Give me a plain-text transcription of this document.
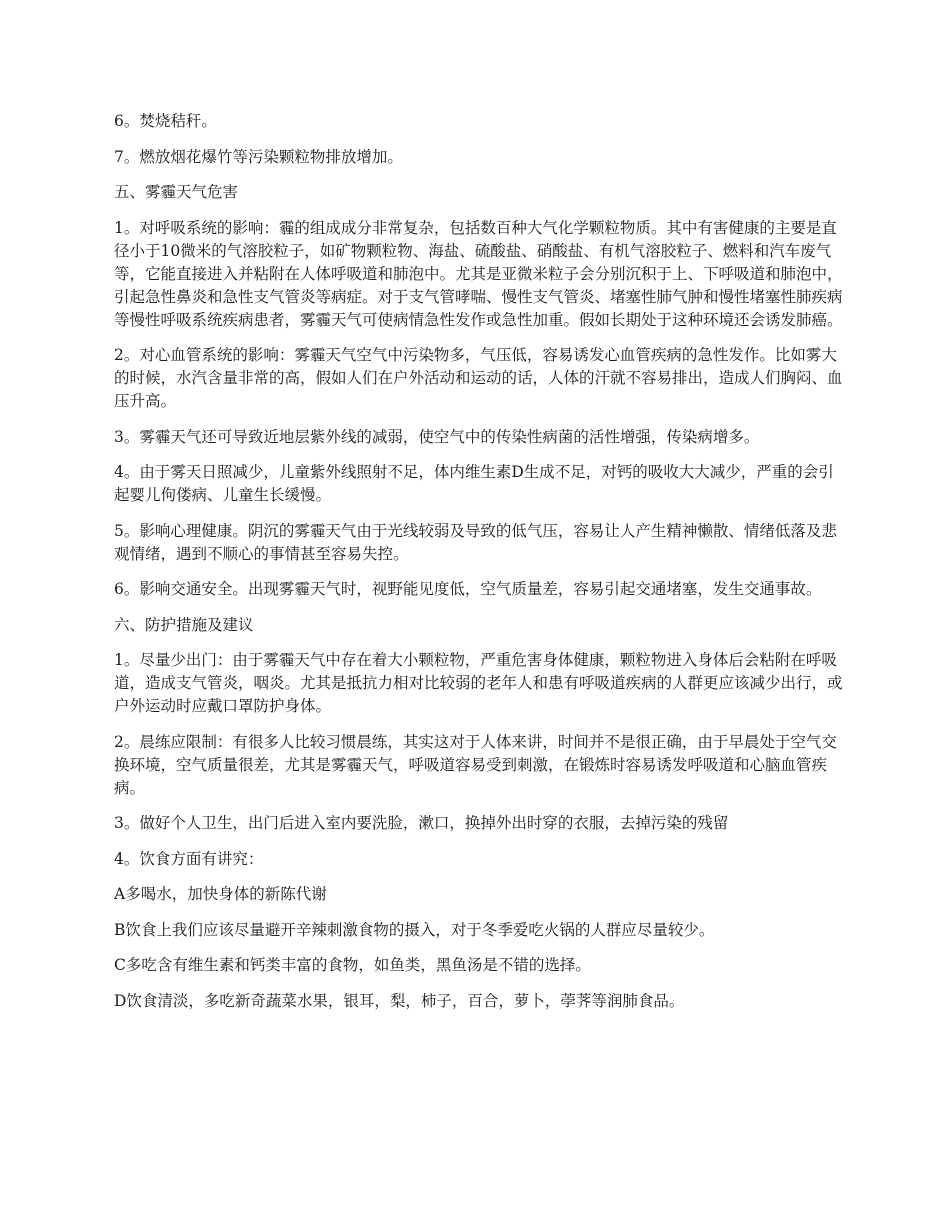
6。焚烧秸秆。

7。燃放烟花爆竹等污染颗粒物排放增加。

五、雾霾天气危害

1。对呼吸系统的影响：霾的组成成分非常复杂，包括数百种大气化学颗粒物质。其中有害健康的主要是直径小于10微米的气溶胶粒子，如矿物颗粒物、海盐、硫酸盐、硝酸盐、有机气溶胶粒子、燃料和汽车废气等，它能直接进入并粘附在人体呼吸道和肺泡中。尤其是亚微米粒子会分别沉积于上、下呼吸道和肺泡中，引起急性鼻炎和急性支气管炎等病症。对于支气管哮喘、慢性支气管炎、堵塞性肺气肿和慢性堵塞性肺疾病等慢性呼吸系统疾病患者，雾霾天气可使病情急性发作或急性加重。假如长期处于这种环境还会诱发肺癌。

2。对心血管系统的影响：雾霾天气空气中污染物多，气压低，容易诱发心血管疾病的急性发作。比如雾大的时候，水汽含量非常的高，假如人们在户外活动和运动的话，人体的汗就不容易排出，造成人们胸闷、血压升高。

3。雾霾天气还可导致近地层紫外线的减弱，使空气中的传染性病菌的活性增强，传染病增多。

4。由于雾天日照减少，儿童紫外线照射不足，体内维生素D生成不足，对钙的吸收大大减少，严重的会引起婴儿佝偻病、儿童生长缓慢。

5。影响心理健康。阴沉的雾霾天气由于光线较弱及导致的低气压，容易让人产生精神懒散、情绪低落及悲观情绪，遇到不顺心的事情甚至容易失控。

6。影响交通安全。出现雾霾天气时，视野能见度低，空气质量差，容易引起交通堵塞，发生交通事故。

六、防护措施及建议

1。尽量少出门：由于雾霾天气中存在着大小颗粒物，严重危害身体健康，颗粒物进入身体后会粘附在呼吸道，造成支气管炎，咽炎。尤其是抵抗力相对比较弱的老年人和患有呼吸道疾病的人群更应该减少出行，或户外运动时应戴口罩防护身体。

2。晨练应限制：有很多人比较习惯晨练，其实这对于人体来讲，时间并不是很正确，由于早晨处于空气交换环境，空气质量很差，尤其是雾霾天气，呼吸道容易受到刺激，在锻炼时容易诱发呼吸道和心脑血管疾病。

3。做好个人卫生，出门后进入室内要洗脸，漱口，换掉外出时穿的衣服，去掉污染的残留

4。饮食方面有讲究：

A多喝水，加快身体的新陈代谢

B饮食上我们应该尽量避开辛辣刺激食物的摄入，对于冬季爱吃火锅的人群应尽量较少。

C多吃含有维生素和钙类丰富的食物，如鱼类，黑鱼汤是不错的选择。

D饮食清淡，多吃新奇蔬菜水果，银耳，梨，柿子，百合，萝卜，荸荠等润肺食品。
